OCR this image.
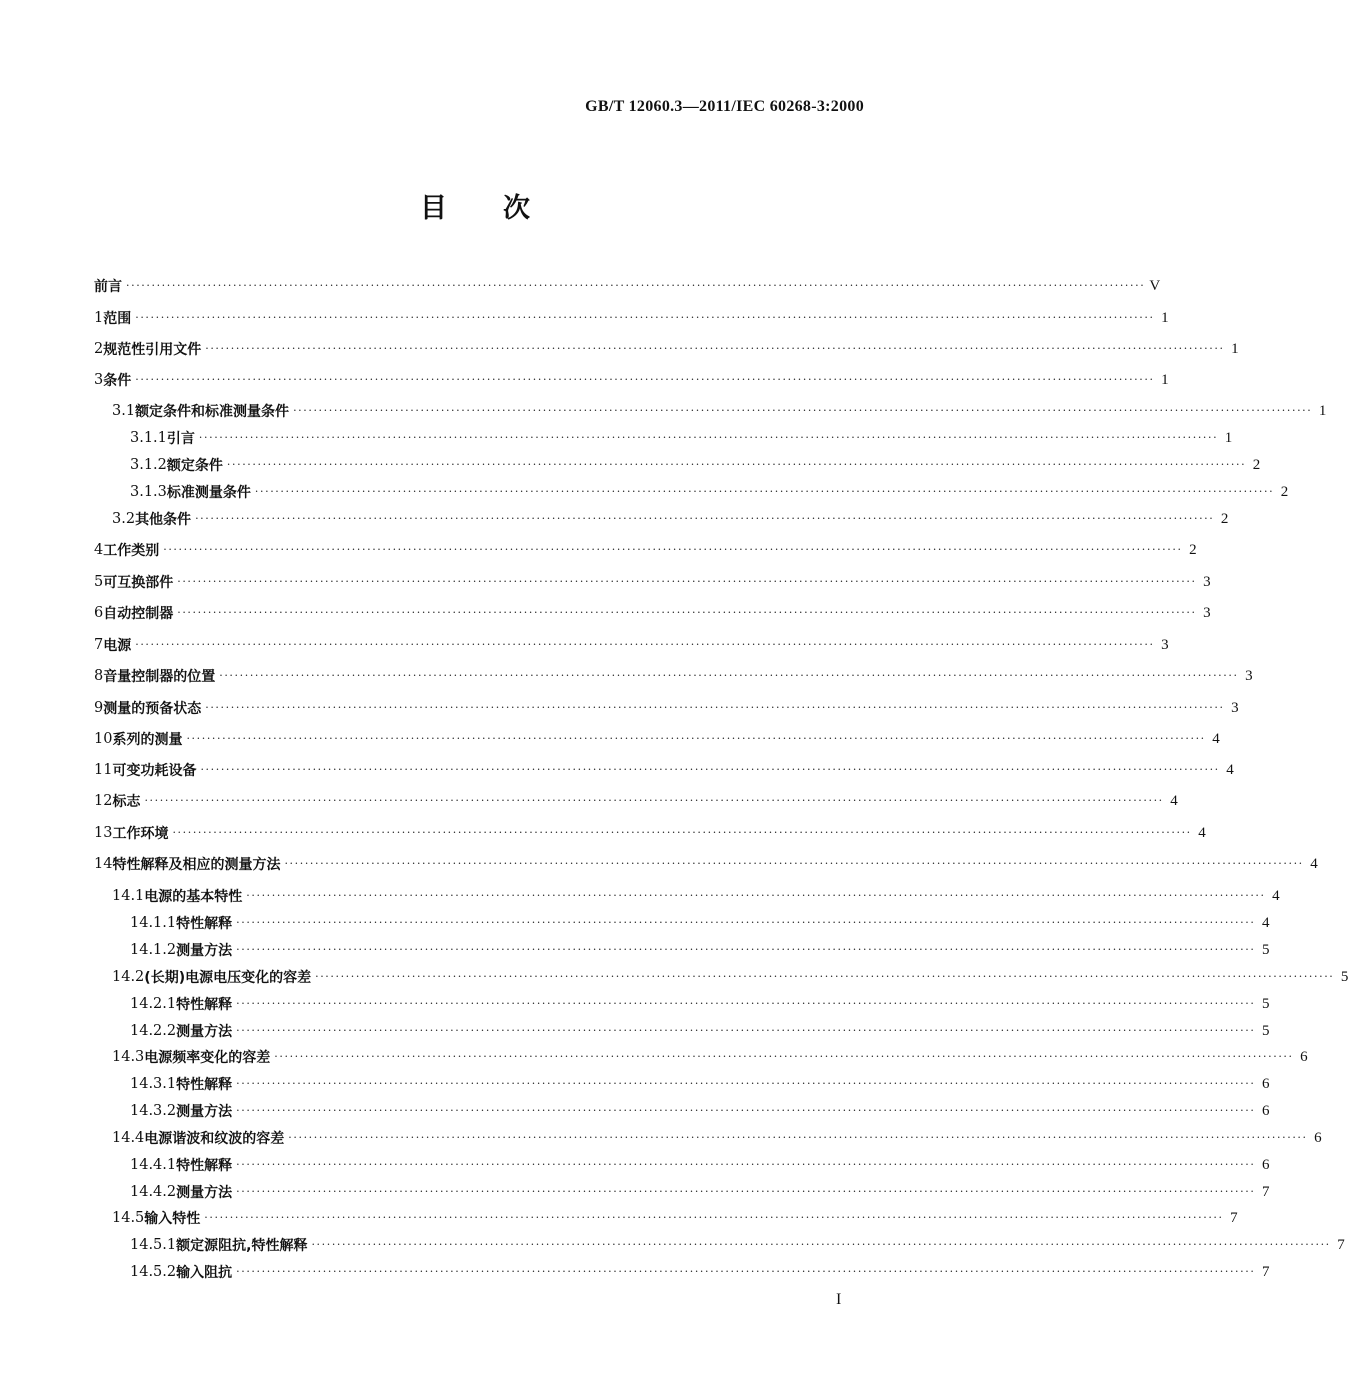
GB/T 12060.3—2011/IEC 60268-3:2000
目 次
前言 ········································································································································································································ V
1 范围 ········································································································································································································ 1
2 规范性引用文件 ········································································································································································································ 1
3 条件 ········································································································································································································ 1
3.1 额定条件和标准测量条件 ········································································································································································································ 1
3.1.1 引言 ········································································································································································································ 1
3.1.2 额定条件 ········································································································································································································ 2
3.1.3 标准测量条件 ········································································································································································································ 2
3.2 其他条件 ········································································································································································································ 2
4 工作类别 ········································································································································································································ 2
5 可互换部件 ········································································································································································································ 3
6 自动控制器 ········································································································································································································ 3
7 电源 ········································································································································································································ 3
8 音量控制器的位置 ········································································································································································································ 3
9 测量的预备状态 ········································································································································································································ 3
10 系列的测量 ········································································································································································································ 4
11 可变功耗设备 ········································································································································································································ 4
12 标志 ········································································································································································································ 4
13 工作环境 ········································································································································································································ 4
14 特性解释及相应的测量方法 ········································································································································································································ 4
14.1 电源的基本特性 ········································································································································································································ 4
14.1.1 特性解释 ········································································································································································································ 4
14.1.2 测量方法 ········································································································································································································ 5
14.2 (长期)电源电压变化的容差 ········································································································································································································ 5
14.2.1 特性解释 ········································································································································································································ 5
14.2.2 测量方法 ········································································································································································································ 5
14.3 电源频率变化的容差 ········································································································································································································ 6
14.3.1 特性解释 ········································································································································································································ 6
14.3.2 测量方法 ········································································································································································································ 6
14.4 电源谐波和纹波的容差 ········································································································································································································ 6
14.4.1 特性解释 ········································································································································································································ 6
14.4.2 测量方法 ········································································································································································································ 7
14.5 输入特性 ········································································································································································································ 7
14.5.1 额定源阻抗,特性解释 ········································································································································································································ 7
14.5.2 输入阻抗 ········································································································································································································ 7
I
